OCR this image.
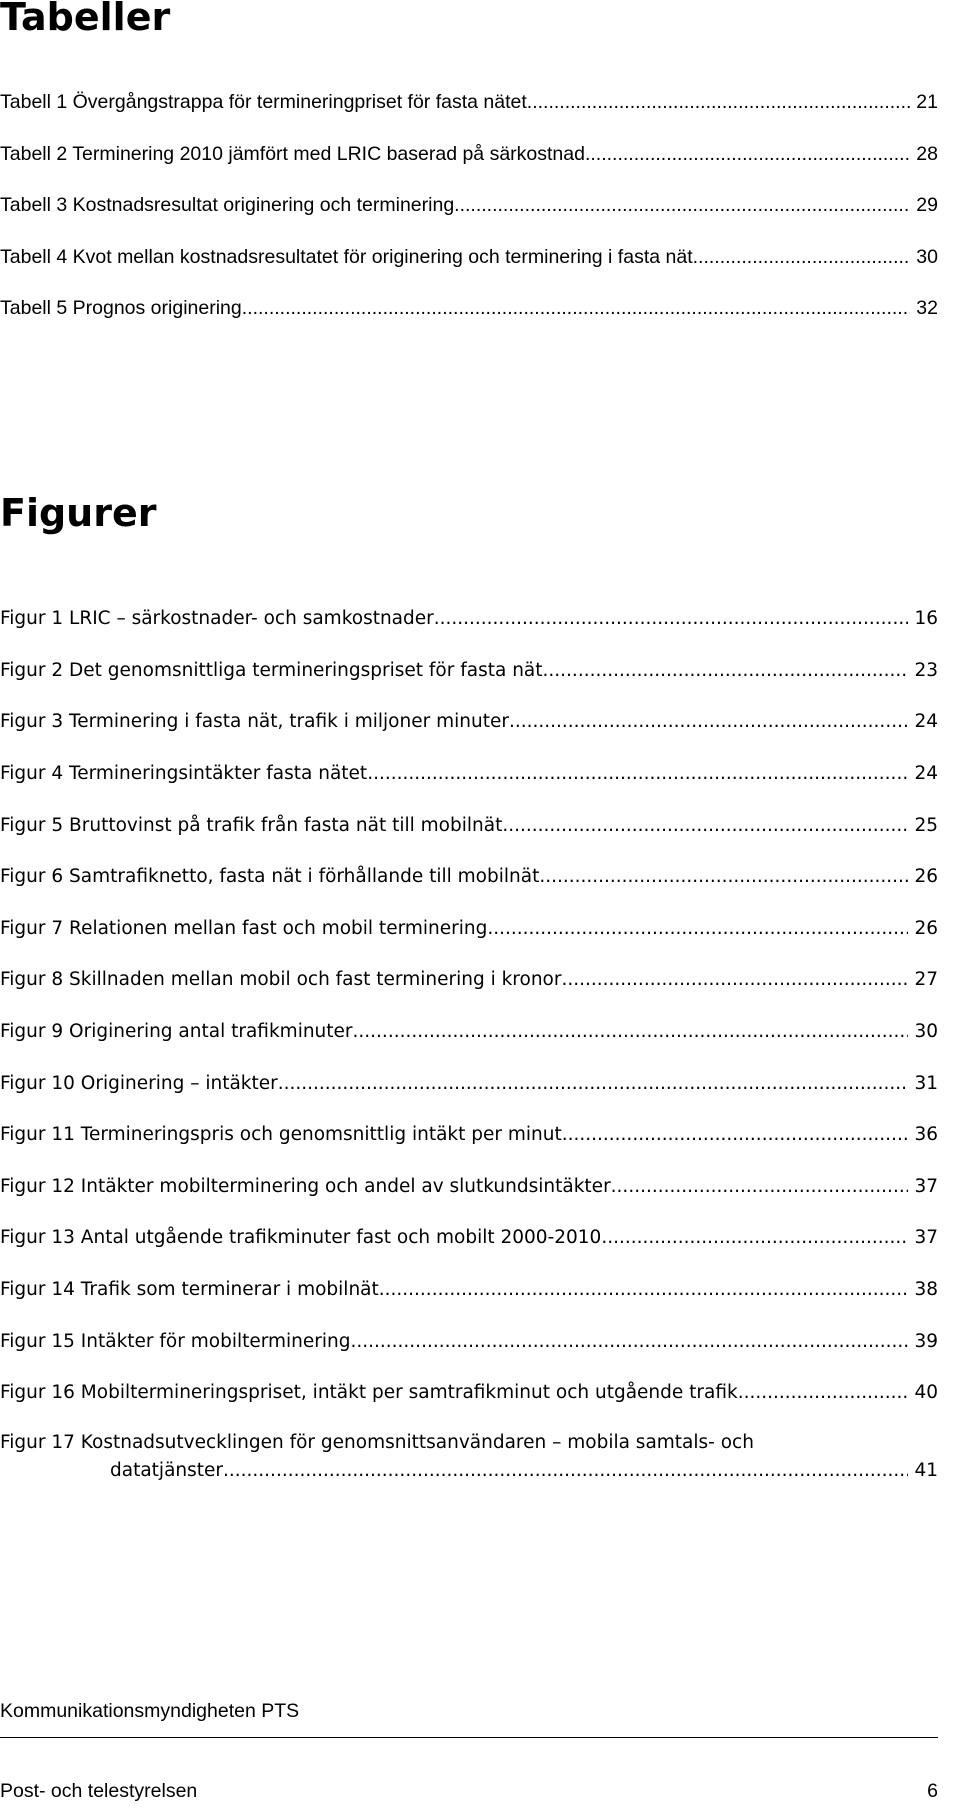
Tabeller
Tabell 1 Övergångstrappa för termineringpriset för fasta nätet .....	21
Tabell 2 Terminering 2010 jämfört med LRIC baserad på särkostnad .....	28
Tabell 3 Kostnadsresultat originering och terminering .....	29
Tabell 4 Kvot mellan kostnadsresultatet för originering och terminering i fasta nät .....	30
Tabell 5 Prognos originering .....	32
Figurer
Figur 1 LRIC – särkostnader- och samkostnader .....	16
Figur 2 Det genomsnittliga termineringspriset för fasta nät .....	23
Figur 3 Terminering i fasta nät, trafik i miljoner minuter .....	24
Figur 4 Termineringsintäkter fasta nätet .....	24
Figur 5 Bruttovinst på trafik från fasta nät till mobilnät .....	25
Figur 6 Samtrafiknetto, fasta nät i förhållande till mobilnät .....	26
Figur 7 Relationen mellan fast och mobil terminering .....	26
Figur 8 Skillnaden mellan mobil och fast terminering i kronor .....	27
Figur 9 Originering antal trafikminuter .....	30
Figur 10 Originering – intäkter .....	31
Figur 11 Termineringspris och genomsnittlig intäkt per minut .....	36
Figur 12 Intäkter mobilterminering och andel av slutkundsintäkter .....	37
Figur 13 Antal utgående trafikminuter fast och mobilt 2000-2010 .....	37
Figur 14 Trafik som terminerar i mobilnät .....	38
Figur 15 Intäkter för mobilterminering .....	39
Figur 16 Mobiltermineringspriset, intäkt per samtrafikminut och utgående trafik .....	40
Figur 17 Kostnadsutvecklingen för genomsnittsanvändaren – mobila samtals- och
datatjänster .....	41
Kommunikationsmyndigheten PTS
Post- och telestyrelsen	6
